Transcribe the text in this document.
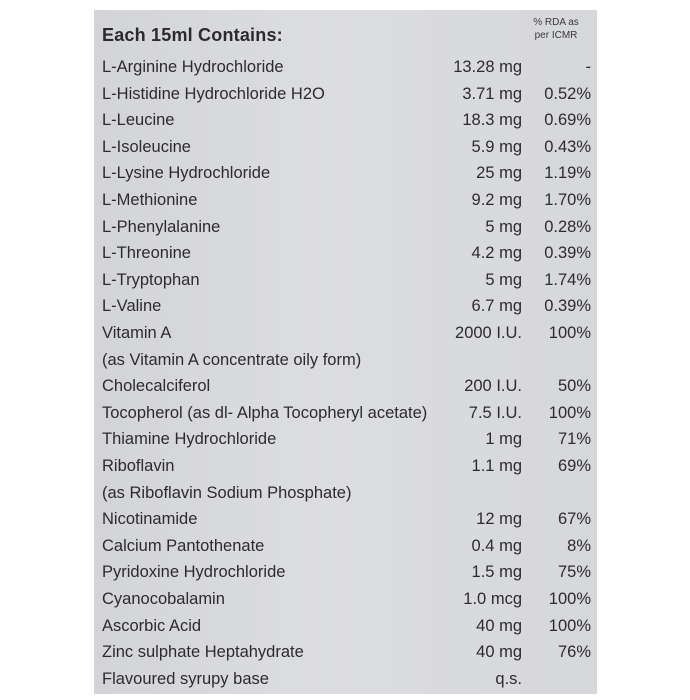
Each 15ml Contains:
% RDA as
per ICMR
L-Arginine Hydrochloride	13.28 mg	-
L-Histidine Hydrochloride H2O	3.71 mg 0.52%
L-Leucine	18.3 mg 0.69%
L-Isoleucine	5.9 mg 0.43%
L-Lysine Hydrochloride	25 mg 1.19%
L-Methionine	9.2 mg 1.70%
L-Phenylalanine	5 mg 0.28%
L-Threonine	4.2 mg 0.39%
L-Tryptophan	5 mg 1.74%
L-Valine	6.7 mg 0.39%
Vitamin A	2000 I.U. 100%
(as Vitamin A concentrate oily form)
Cholecalciferol	200 I.U. 50%
Tocopherol (as dl- Alpha Tocopheryl acetate)	7.5 I.U. 100%
Thiamine Hydrochloride	1 mg 71%
Riboflavin	1.1 mg 69%
(as Riboflavin Sodium Phosphate)
Nicotinamide	12 mg 67%
Calcium Pantothenate	0.4 mg	8%
Pyridoxine Hydrochloride	1.5 mg 75%
Cyanocobalamin	1.0 mcg 100%
Ascorbic Acid	40 mg 100%
Zinc sulphate Heptahydrate	40 mg 76%
Flavoured syrupy base	q.s.
